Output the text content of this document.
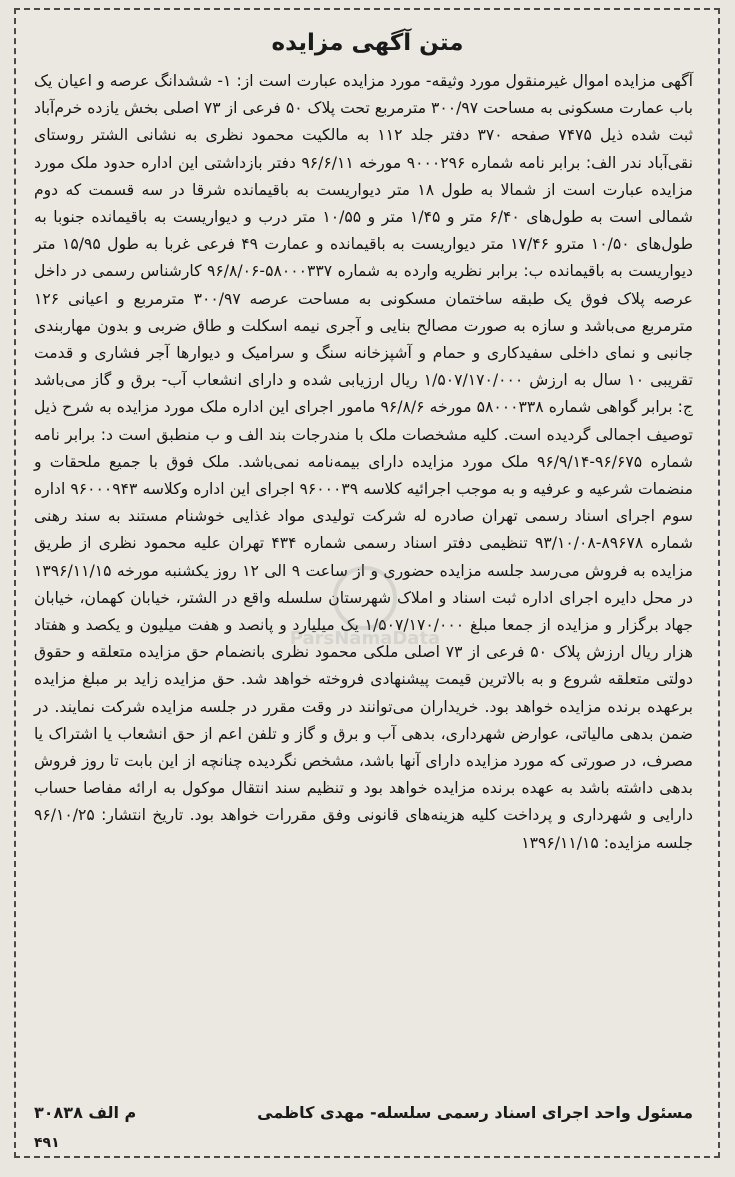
متن آگهی مزایده

آگهی مزایده اموال غیرمنقول مورد وثیقه- مورد مزایده عبارت است از: ۱- ششدانگ عرصه و اعیان یک باب عمارت مسکونی به مساحت ۳۰۰/۹۷ مترمربع تحت پلاک ۵۰ فرعی از ۷۳ اصلی بخش یازده خرم‌آباد ثبت شده ذیل ۷۴۷۵ صفحه ۳۷۰ دفتر جلد ۱۱۲ به مالکیت محمود نظری به نشانی الشتر روستای نقی‌آباد ندر الف: برابر نامه شماره ۹۰۰۰۲۹۶ مورخه ۹۶/۶/۱۱ دفتر بازداشتی این اداره حدود ملک مورد مزایده عبارت است از شمالا به طول ۱۸ متر دیواریست به باقیمانده شرقا در سه قسمت که دوم شمالی است به طول‌های ۶/۴۰ متر و ۱/۴۵ متر و ۱۰/۵۵ متر درب و دیواریست به باقیمانده جنوبا به طول‌های ۱۰/۵۰ مترو ۱۷/۴۶ متر دیواریست به باقیمانده و عمارت ۴۹ فرعی غربا به طول ۱۵/۹۵ متر دیواریست به باقیمانده ب: برابر نظریه وارده به شماره ۵۸۰۰۰۳۳۷-۹۶/۸/۰۶ کارشناس رسمی در داخل عرصه پلاک فوق یک طبقه ساختمان مسکونی به مساحت عرصه ۳۰۰/۹۷ مترمربع و اعیانی ۱۲۶ مترمربع می‌باشد و سازه به صورت مصالح بنایی و آجری نیمه اسکلت و طاق ضربی و بدون مهاربندی جانبی و نمای داخلی سفیدکاری و حمام و آشپزخانه سنگ و سرامیک و دیوارها آجر فشاری و قدمت تقریبی ۱۰ سال به ارزش ۱/۵۰۷/۱۷۰/۰۰۰ ریال ارزیابی شده و دارای انشعاب آب- برق و گاز می‌باشد ج: برابر گواهی شماره ۵۸۰۰۰۳۳۸ مورخه ۹۶/۸/۶ مامور اجرای این اداره ملک مورد مزایده به شرح ذیل توصیف اجمالی گردیده است. کلیه مشخصات ملک با مندرجات بند الف و ب منطبق است د: برابر نامه شماره ۹۶/۶۷۵-۹۶/۹/۱۴ ملک مورد مزایده دارای بیمه‌نامه نمی‌باشد. ملک فوق با جمیع ملحقات و منضمات شرعیه و عرفیه و به موجب اجرائیه کلاسه ۹۶۰۰۰۳۹ اجرای این اداره وکلاسه ۹۶۰۰۰۹۴۳ اداره سوم اجرای اسناد رسمی تهران صادره له شرکت تولیدی مواد غذایی خوشنام مستند به سند رهنی شماره ۸۹۶۷۸-۹۳/۱۰/۰۸ تنظیمی دفتر اسناد رسمی شماره ۴۳۴ تهران علیه محمود نظری از طریق مزایده به فروش می‌رسد جلسه مزایده حضوری و از ساعت ۹ الی ۱۲ روز یکشنبه مورخه ۱۳۹۶/۱۱/۱۵ در محل دایره اجرای اداره ثبت اسناد و املاک شهرستان سلسله واقع در الشتر، خیابان کهمان، خیابان جهاد برگزار و مزایده از جمعا مبلغ ۱/۵۰۷/۱۷۰/۰۰۰ یک میلیارد و پانصد و هفت میلیون و یکصد و هفتاد هزار ریال ارزش پلاک ۵۰ فرعی از ۷۳ اصلی ملکی محمود نظری بانضمام حق مزایده متعلقه و حقوق دولتی متعلقه شروع و به بالاترین قیمت پیشنهادی فروخته خواهد شد. حق مزایده زاید بر مبلغ مزایده برعهده برنده مزایده خواهد بود. خریداران می‌توانند در وقت مقرر در جلسه مزایده شرکت نمایند. در ضمن بدهی مالیاتی، عوارض شهرداری، بدهی آب و برق و گاز و تلفن اعم از حق انشعاب یا اشتراک یا مصرف، در صورتی که مورد مزایده دارای آنها باشد، مشخص نگردیده چنانچه از این بابت تا روز فروش بدهی داشته باشد به عهده برنده مزایده خواهد بود و تنظیم سند انتقال موکول به ارائه مفاصا حساب دارایی و شهرداری و پرداخت کلیه هزینه‌های قانونی وفق مقررات خواهد بود. تاریخ انتشار: ۹۶/۱۰/۲۵ جلسه مزایده: ۱۳۹۶/۱۱/۱۵

ParsNamaData
مسئول واحد اجرای اسناد رسمی سلسله- مهدی کاظمی
م الف ۳۰۸۳۸
۴۹۱
